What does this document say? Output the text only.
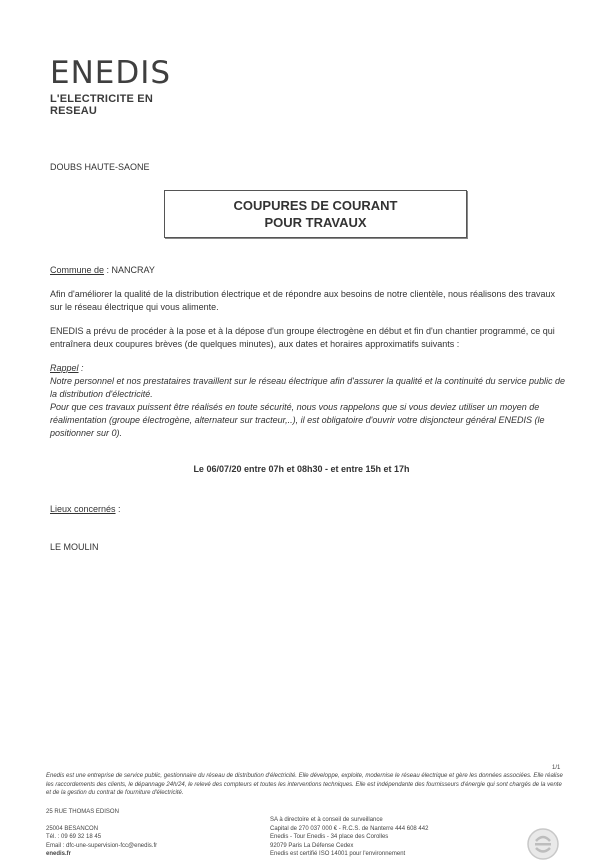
ENEDIS
L'ELECTRICITE EN RESEAU
DOUBS HAUTE-SAONE
COUPURES DE COURANT
POUR TRAVAUX
Commune de : NANCRAY
Afin d'améliorer la qualité de la distribution électrique et de répondre aux besoins de notre clientèle, nous réalisons des travaux sur le réseau électrique qui vous alimente.
ENEDIS a prévu de procéder à la pose et à la dépose d'un groupe électrogène en début et fin d'un chantier programmé, ce qui entraînera deux coupures brèves (de quelques minutes), aux dates et horaires approximatifs suivants :
Rappel :
Notre personnel et nos prestataires travaillent sur le réseau électrique afin d'assurer la qualité et la continuité du service public de la distribution d'électricité.
Pour que ces travaux puissent être réalisés en toute sécurité, nous vous rappelons que si vous deviez utiliser un moyen de réalimentation (groupe électrogène, alternateur sur tracteur,..), il est obligatoire d'ouvrir votre disjoncteur général ENEDIS (le positionner sur 0).
Le 06/07/20 entre 07h et 08h30 - et entre 15h et 17h
Lieux concernés :
LE MOULIN
1/1
Enedis est une entreprise de service public, gestionnaire du réseau de distribution d'électricité. Elle développe, exploite, modernise le réseau électrique et gère les données associées. Elle réalise les raccordements des clients, le dépannage 24h/24, le relevé des compteurs et toutes les interventions techniques. Elle est indépendante des fournisseurs d'énergie qui sont chargés de la vente et de la gestion du contrat de fourniture d'électricité.
25 RUE THOMAS EDISON
25004 BESANCON
Tél. : 09 69 32 18 45
Email : dfc-une-supervision-fcc@enedis.fr
enedis.fr
SA à directoire et à conseil de surveillance
Capital de 270 037 000 € - R.C.S. de Nanterre 444 608 442
Enedis - Tour Enedis - 34 place des Corolles
92079 Paris La Défense Cedex
Enedis est certifié ISO 14001 pour l'environnement
